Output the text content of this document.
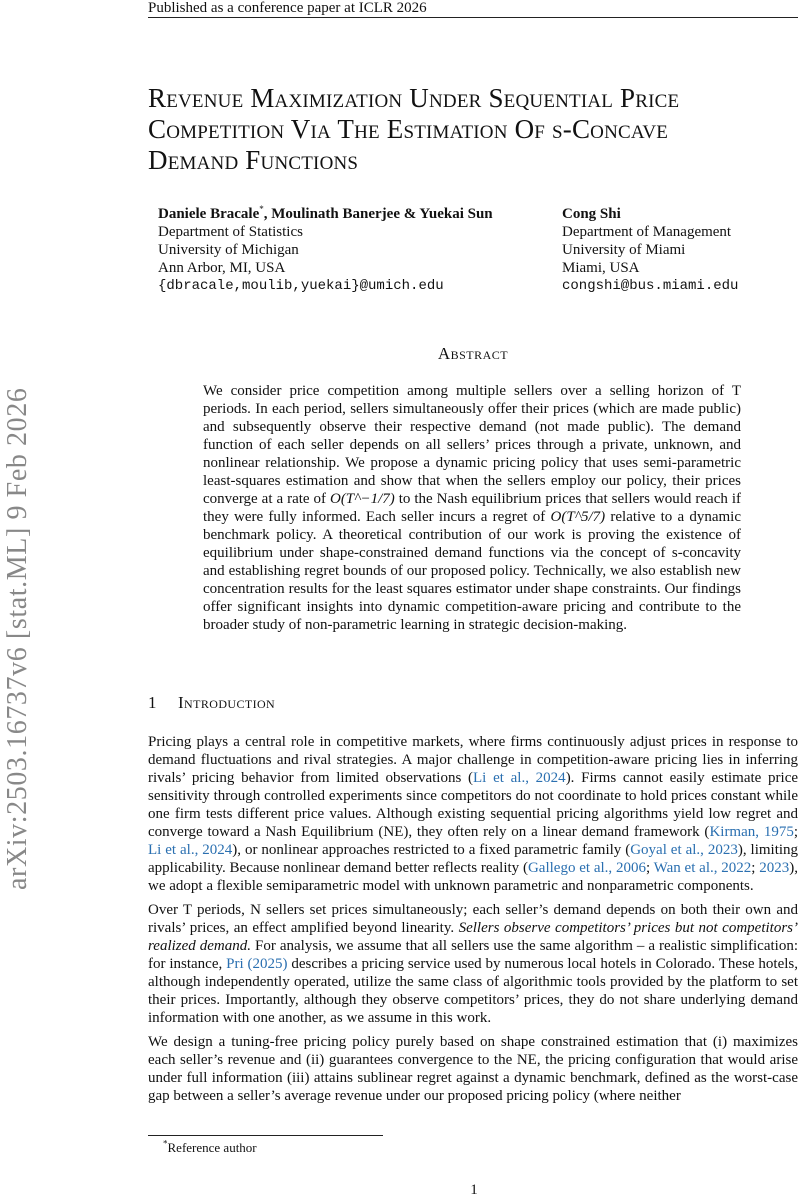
Published as a conference paper at ICLR 2026
arXiv:2503.16737v6 [stat.ML] 9 Feb 2026
Revenue Maximization Under Sequential Price
Competition Via The Estimation Of s-Concave
Demand Functions
Daniele Bracale*, Moulinath Banerjee & Yuekai Sun
Department of Statistics
University of Michigan
Ann Arbor, MI, USA
{dbracale,moulib,yuekai}@umich.edu
Cong Shi
Department of Management
University of Miami
Miami, USA
congshi@bus.miami.edu
Abstract
We consider price competition among multiple sellers over a selling horizon of T periods. In each period, sellers simultaneously offer their prices (which are made public) and subsequently observe their respective demand (not made public). The demand function of each seller depends on all sellers’ prices through a private, unknown, and nonlinear relationship. We propose a dynamic pricing policy that uses semi-parametric least-squares estimation and show that when the sellers employ our policy, their prices converge at a rate of O(T^−1/7) to the Nash equilibrium prices that sellers would reach if they were fully informed. Each seller incurs a regret of O(T^5/7) relative to a dynamic benchmark policy. A theoretical contribution of our work is proving the existence of equilibrium under shape-constrained demand functions via the concept of s-concavity and establishing regret bounds of our proposed policy. Technically, we also establish new concentration results for the least squares estimator under shape constraints. Our findings offer significant insights into dynamic competition-aware pricing and contribute to the broader study of non-parametric learning in strategic decision-making.
1 Introduction

Pricing plays a central role in competitive markets, where firms continuously adjust prices in response to demand fluctuations and rival strategies. A major challenge in competition-aware pricing lies in inferring rivals’ pricing behavior from limited observations (Li et al., 2024). Firms cannot easily estimate price sensitivity through controlled experiments since competitors do not coordinate to hold prices constant while one firm tests different price values. Although existing sequential pricing algorithms yield low regret and converge toward a Nash Equilibrium (NE), they often rely on a linear demand framework (Kirman, 1975; Li et al., 2024), or nonlinear approaches restricted to a fixed parametric family (Goyal et al., 2023), limiting applicability. Because nonlinear demand better reflects reality (Gallego et al., 2006; Wan et al., 2022; 2023), we adopt a flexible semiparametric model with unknown parametric and nonparametric components.

Over T periods, N sellers set prices simultaneously; each seller’s demand depends on both their own and rivals’ prices, an effect amplified beyond linearity. Sellers observe competitors’ prices but not competitors’ realized demand. For analysis, we assume that all sellers use the same algorithm – a realistic simplification: for instance, Pri (2025) describes a pricing service used by numerous local hotels in Colorado. These hotels, although independently operated, utilize the same class of algorithmic tools provided by the platform to set their prices. Importantly, although they observe competitors’ prices, they do not share underlying demand information with one another, as we assume in this work.

We design a tuning-free pricing policy purely based on shape constrained estimation that (i) maximizes each seller’s revenue and (ii) guarantees convergence to the NE, the pricing configuration that would arise under full information (iii) attains sublinear regret against a dynamic benchmark, defined as the worst-case gap between a seller’s average revenue under our proposed pricing policy (where neither

*Reference author
1
